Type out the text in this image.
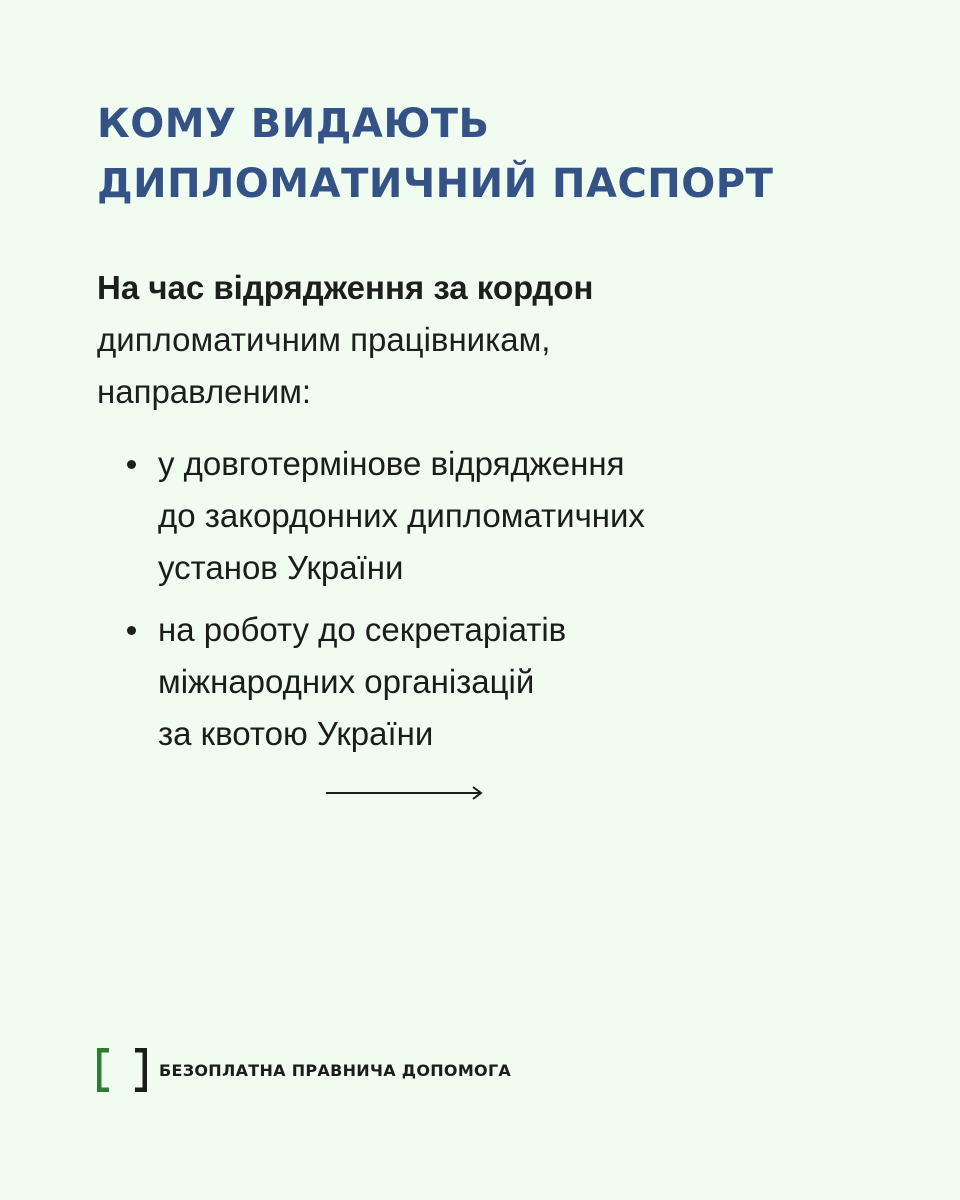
КОМУ ВИДАЮТЬ
ДИПЛОМАТИЧНИЙ ПАСПОРТ
На час відрядження за кордон
дипломатичним працівникам,
направленим:
у довготермінове відрядження
до закордонних дипломатичних
установ України
на роботу до секретаріатів
міжнародних організацій
за квотою України
БЕЗОПЛАТНА ПРАВНИЧА ДОПОМОГА
